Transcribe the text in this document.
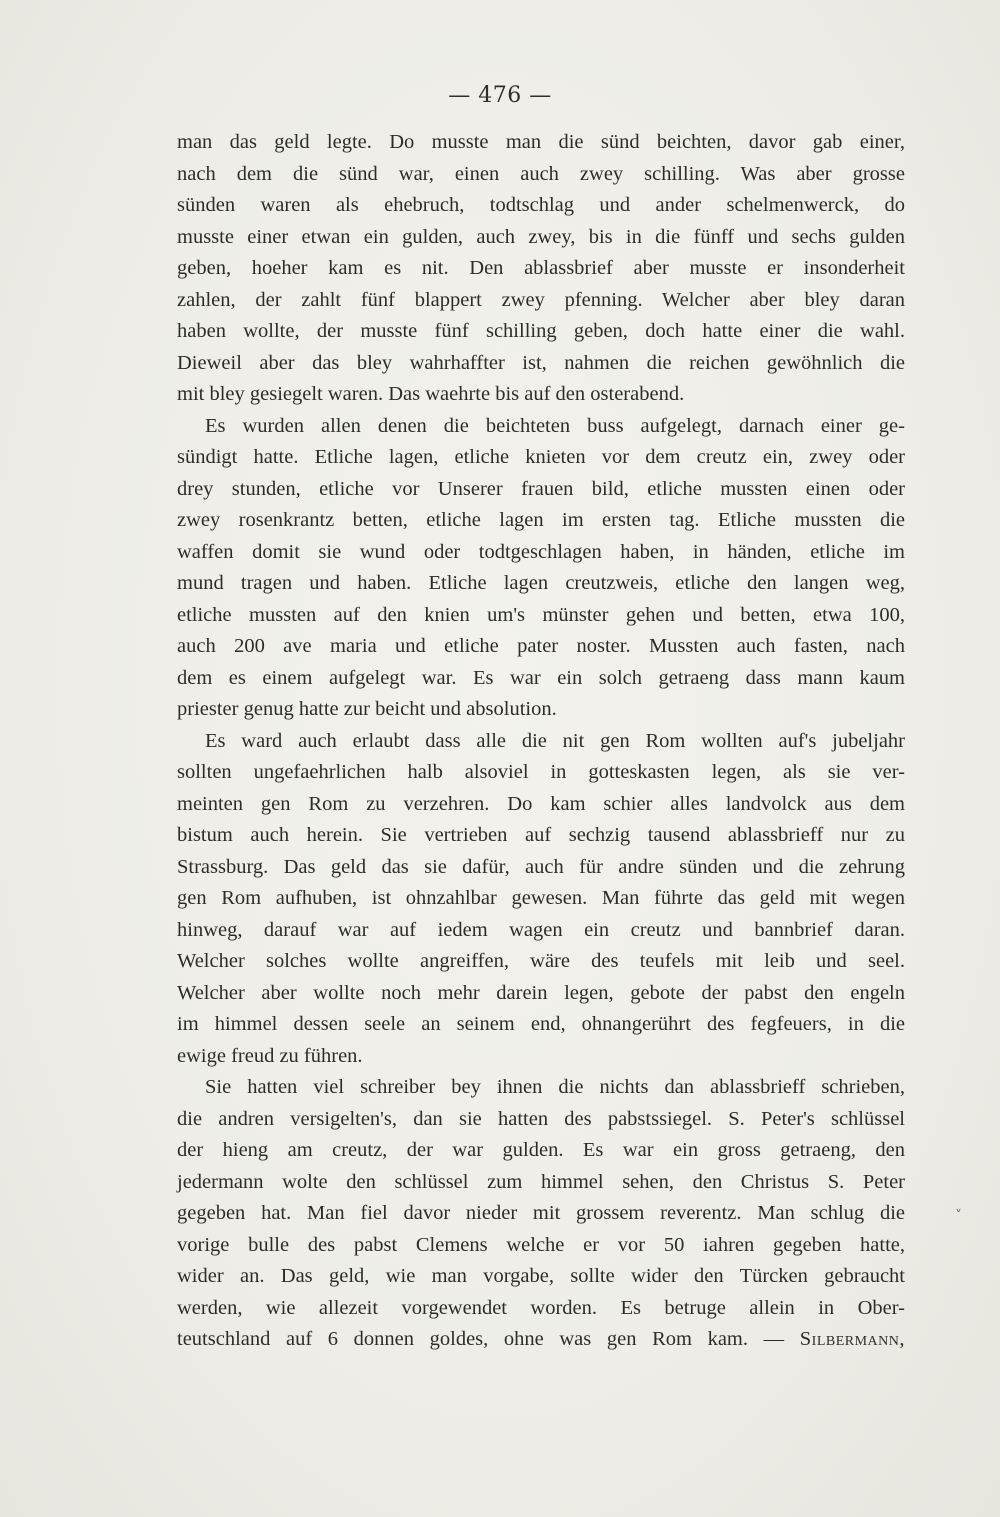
— 476 —
man das geld legte. Do musste man die sünd beichten, davor gab einer,
nach dem die sünd war, einen auch zwey schilling. Was aber grosse
sünden waren als ehebruch, todtschlag und ander schelmenwerck, do
musste einer etwan ein gulden, auch zwey, bis in die fünff und sechs gulden
geben, hoeher kam es nit. Den ablassbrief aber musste er insonderheit
zahlen, der zahlt fünf blappert zwey pfenning. Welcher aber bley daran
haben wollte, der musste fünf schilling geben, doch hatte einer die wahl.
Dieweil aber das bley wahrhaffter ist, nahmen die reichen gewöhnlich die
mit bley gesiegelt waren. Das waehrte bis auf den osterabend.
Es wurden allen denen die beichteten buss aufgelegt, darnach einer ge-
sündigt hatte. Etliche lagen, etliche knieten vor dem creutz ein, zwey oder
drey stunden, etliche vor Unserer frauen bild, etliche mussten einen oder
zwey rosenkrantz betten, etliche lagen im ersten tag. Etliche mussten die
waffen domit sie wund oder todtgeschlagen haben, in händen, etliche im
mund tragen und haben. Etliche lagen creutzweis, etliche den langen weg,
etliche mussten auf den knien um's münster gehen und betten, etwa 100,
auch 200 ave maria und etliche pater noster. Mussten auch fasten, nach
dem es einem aufgelegt war. Es war ein solch getraeng dass mann kaum
priester genug hatte zur beicht und absolution.
Es ward auch erlaubt dass alle die nit gen Rom wollten auf's jubeljahr
sollten ungefaehrlichen halb alsoviel in gotteskasten legen, als sie ver-
meinten gen Rom zu verzehren. Do kam schier alles landvolck aus dem
bistum auch herein. Sie vertrieben auf sechzig tausend ablassbrieff nur zu
Strassburg. Das geld das sie dafür, auch für andre sünden und die zehrung
gen Rom aufhuben, ist ohnzahlbar gewesen. Man führte das geld mit wegen
hinweg, darauf war auf iedem wagen ein creutz und bannbrief daran.
Welcher solches wollte angreiffen, wäre des teufels mit leib und seel.
Welcher aber wollte noch mehr darein legen, gebote der pabst den engeln
im himmel dessen seele an seinem end, ohnangerührt des fegfeuers, in die
ewige freud zu führen.
Sie hatten viel schreiber bey ihnen die nichts dan ablassbrieff schrieben,
die andren versigelten's, dan sie hatten des pabstssiegel. S. Peter's schlüssel
der hieng am creutz, der war gulden. Es war ein gross getraeng, den
jedermann wolte den schlüssel zum himmel sehen, den Christus S. Peter
gegeben hat. Man fiel davor nieder mit grossem reverentz. Man schlug die
vorige bulle des pabst Clemens welche er vor 50 iahren gegeben hatte,
wider an. Das geld, wie man vorgabe, sollte wider den Türcken gebraucht
werden, wie allezeit vorgewendet worden. Es betruge allein in Ober-
teutschland auf 6 donnen goldes, ohne was gen Rom kam. — Silbermann,
ˬ
